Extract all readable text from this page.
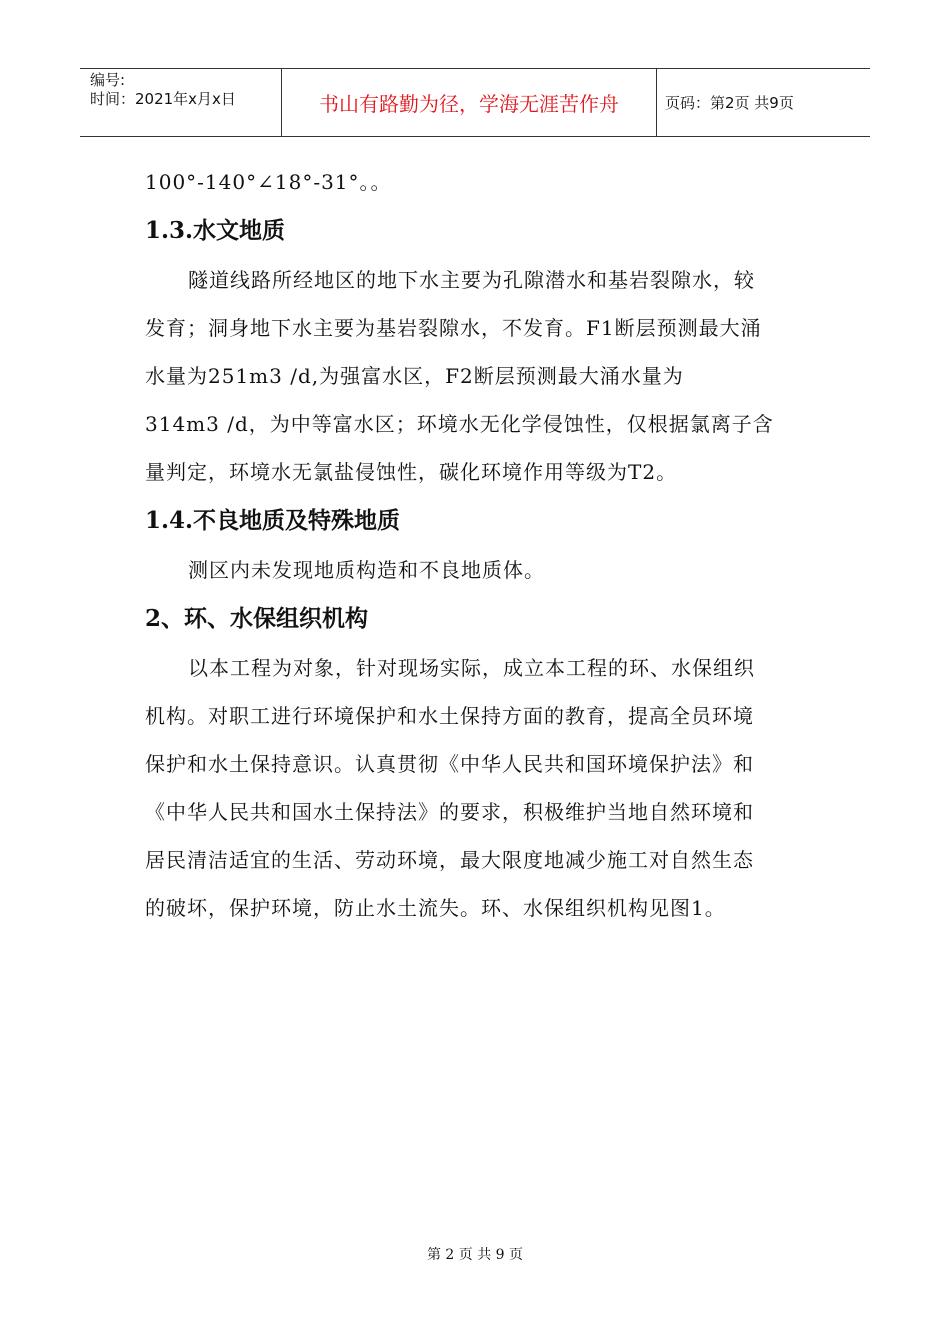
编号:
时间：2021年x月x日	书山有路勤为径，学海无涯苦作舟	页码：第2页 共9页

100°-140°∠18°-31°。。

1.3.水文地质

隧道线路所经地区的地下水主要为孔隙潜水和基岩裂隙水，较

发育；洞身地下水主要为基岩裂隙水，不发育。F1断层预测最大涌

水量为251m3 /d,为强富水区，F2断层预测最大涌水量为

314m3 /d，为中等富水区；环境水无化学侵蚀性，仅根据氯离子含

量判定，环境水无氯盐侵蚀性，碳化环境作用等级为T2。

1.4.不良地质及特殊地质

测区内未发现地质构造和不良地质体。

2、环、水保组织机构

以本工程为对象，针对现场实际，成立本工程的环、水保组织

机构。对职工进行环境保护和水土保持方面的教育，提高全员环境

保护和水土保持意识。认真贯彻《中华人民共和国环境保护法》和

《中华人民共和国水土保持法》的要求，积极维护当地自然环境和

居民清洁适宜的生活、劳动环境，最大限度地减少施工对自然生态

的破坏，保护环境，防止水土流失。环、水保组织机构见图1。

第 2 页 共 9 页
